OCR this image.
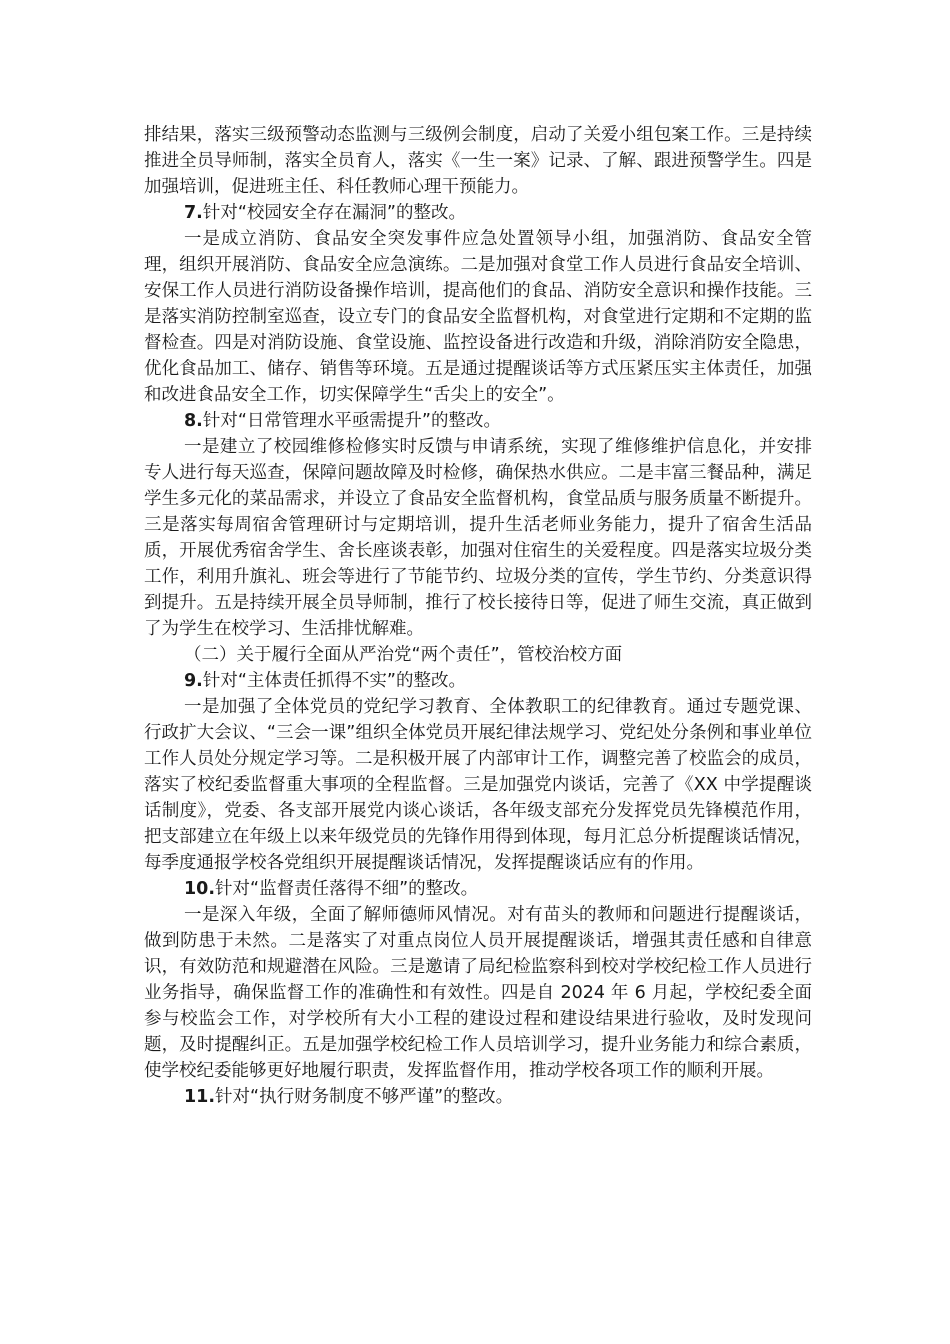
排结果，落实三级预警动态监测与三级例会制度，启动了关爱小组包案工作。三是持续推进全员导师制，落实全员育人，落实《一生一案》记录、了解、跟进预警学生。四是加强培训，促进班主任、科任教师心理干预能力。

7.针对“校园安全存在漏洞”的整改。

一是成立消防、食品安全突发事件应急处置领导小组，加强消防、食品安全管理，组织开展消防、食品安全应急演练。二是加强对食堂工作人员进行食品安全培训、安保工作人员进行消防设备操作培训，提高他们的食品、消防安全意识和操作技能。三是落实消防控制室巡查，设立专门的食品安全监督机构，对食堂进行定期和不定期的监督检查。四是对消防设施、食堂设施、监控设备进行改造和升级，消除消防安全隐患，优化食品加工、储存、销售等环境。五是通过提醒谈话等方式压紧压实主体责任，加强和改进食品安全工作，切实保障学生“舌尖上的安全”。

8.针对“日常管理水平亟需提升”的整改。

一是建立了校园维修检修实时反馈与申请系统，实现了维修维护信息化，并安排专人进行每天巡查，保障问题故障及时检修，确保热水供应。二是丰富三餐品种，满足学生多元化的菜品需求，并设立了食品安全监督机构，食堂品质与服务质量不断提升。三是落实每周宿舍管理研讨与定期培训，提升生活老师业务能力，提升了宿舍生活品质，开展优秀宿舍学生、舍长座谈表彰，加强对住宿生的关爱程度。四是落实垃圾分类工作，利用升旗礼、班会等进行了节能节约、垃圾分类的宣传，学生节约、分类意识得到提升。五是持续开展全员导师制，推行了校长接待日等，促进了师生交流，真正做到了为学生在校学习、生活排忧解难。

（二）关于履行全面从严治党“两个责任”，管校治校方面

9.针对“主体责任抓得不实”的整改。

一是加强了全体党员的党纪学习教育、全体教职工的纪律教育。通过专题党课、行政扩大会议、“三会一课”组织全体党员开展纪律法规学习、党纪处分条例和事业单位工作人员处分规定学习等。二是积极开展了内部审计工作，调整完善了校监会的成员，落实了校纪委监督重大事项的全程监督。三是加强党内谈话，完善了《XX 中学提醒谈话制度》，党委、各支部开展党内谈心谈话，各年级支部充分发挥党员先锋模范作用，把支部建立在年级上以来年级党员的先锋作用得到体现，每月汇总分析提醒谈话情况，每季度通报学校各党组织开展提醒谈话情况，发挥提醒谈话应有的作用。

10.针对“监督责任落得不细”的整改。

一是深入年级，全面了解师德师风情况。对有苗头的教师和问题进行提醒谈话，做到防患于未然。二是落实了对重点岗位人员开展提醒谈话，增强其责任感和自律意识，有效防范和规避潜在风险。三是邀请了局纪检监察科到校对学校纪检工作人员进行业务指导，确保监督工作的准确性和有效性。四是自 2024 年 6 月起，学校纪委全面参与校监会工作，对学校所有大小工程的建设过程和建设结果进行验收，及时发现问题，及时提醒纠正。五是加强学校纪检工作人员培训学习，提升业务能力和综合素质，使学校纪委能够更好地履行职责，发挥监督作用，推动学校各项工作的顺利开展。

11.针对“执行财务制度不够严谨”的整改。
